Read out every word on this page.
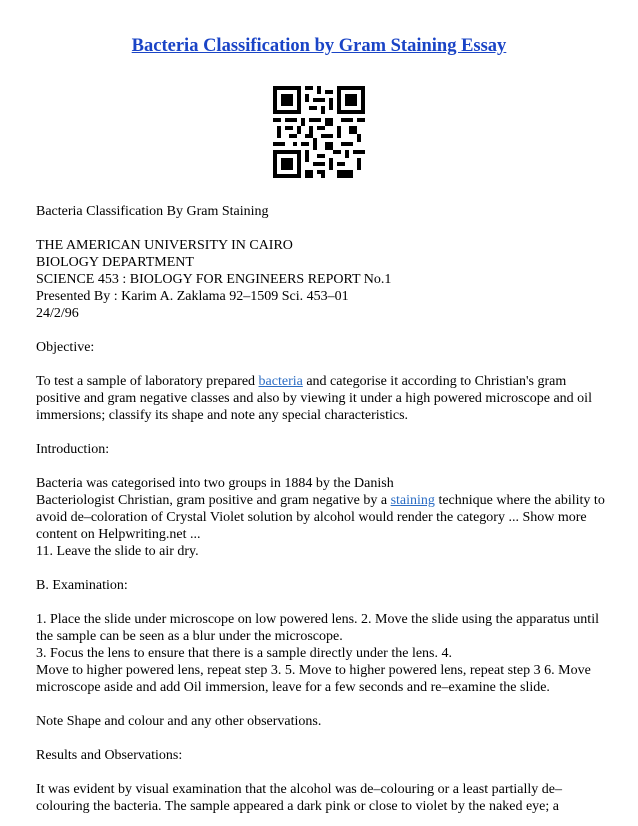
Bacteria Classification by Gram Staining Essay

Bacteria Classification By Gram Staining

THE AMERICAN UNIVERSITY IN CAIRO
BIOLOGY DEPARTMENT
SCIENCE 453 : BIOLOGY FOR ENGINEERS REPORT No.1
Presented By : Karim A. Zaklama 92–1509 Sci. 453–01
24/2/96

Objective:

To test a sample of laboratory prepared bacteria and categorise it according to Christian's gram positive and gram negative classes and also by viewing it under a high powered microscope and oil immersions; classify its shape and note any special characteristics.

Introduction:

Bacteria was categorised into two groups in 1884 by the Danish
Bacteriologist Christian, gram positive and gram negative by a staining technique where the ability to avoid de–coloration of Crystal Violet solution by alcohol would render the category ... Show more content on Helpwriting.net ...
11. Leave the slide to air dry.

B. Examination:

1. Place the slide under microscope on low powered lens. 2. Move the slide using the apparatus until the sample can be seen as a blur under the microscope.
3. Focus the lens to ensure that there is a sample directly under the lens. 4.
Move to higher powered lens, repeat step 3. 5. Move to higher powered lens, repeat step 3 6. Move microscope aside and add Oil immersion, leave for a few seconds and re–examine the slide.

Note Shape and colour and any other observations.

Results and Observations:

It was evident by visual examination that the alcohol was de–colouring or a least partially de–colouring the bacteria. The sample appeared a dark pink or close to violet by the naked eye; a
